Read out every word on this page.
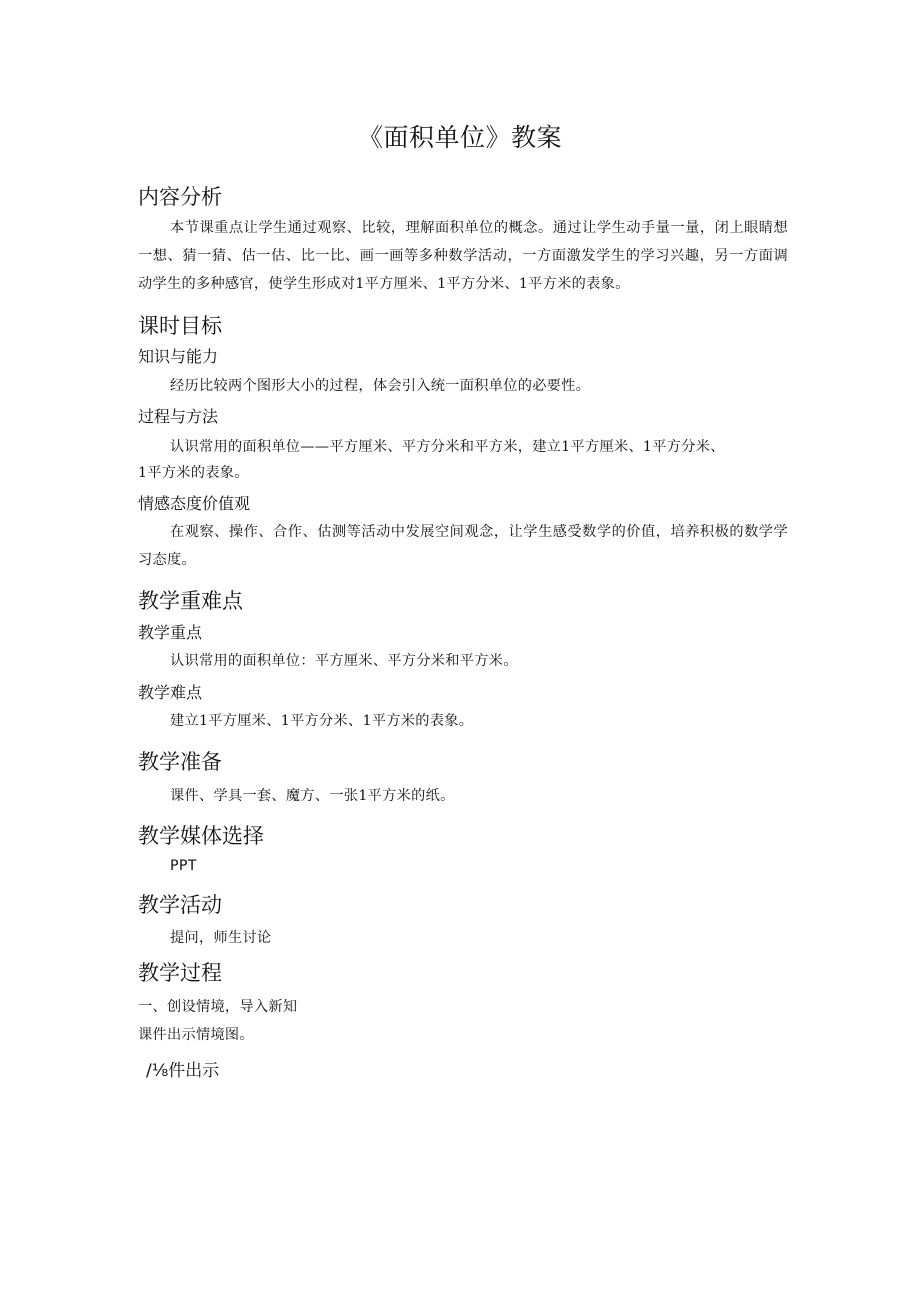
《面积单位》教案
内容分析
本节课重点让学生通过观察、比较，理解面积单位的概念。通过让学生动手量一量，闭上眼睛想一想、猜一猜、估一估、比一比、画一画等多种数学活动，一方面激发学生的学习兴趣，另一方面调动学生的多种感官，使学生形成对1平方厘米、1平方分米、1平方米的表象。
课时目标
知识与能力
经历比较两个图形大小的过程，体会引入统一面积单位的必要性。
过程与方法
认识常用的面积单位——平方厘米、平方分米和平方米，建立1平方厘米、1平方分米、
1平方米的表象。
情感态度价值观
在观察、操作、合作、估测等活动中发展空间观念，让学生感受数学的价值，培养积极的数学学习态度。
教学重难点
教学重点
认识常用的面积单位：平方厘米、平方分米和平方米。
教学难点
建立1平方厘米、1平方分米、1平方米的表象。
教学准备
课件、学具一套、魔方、一张1平方米的纸。
教学媒体选择
PPT
教学活动
提问，师生讨论
教学过程
一、创设情境，导入新知
课件出示情境图。
/⅛件出示
